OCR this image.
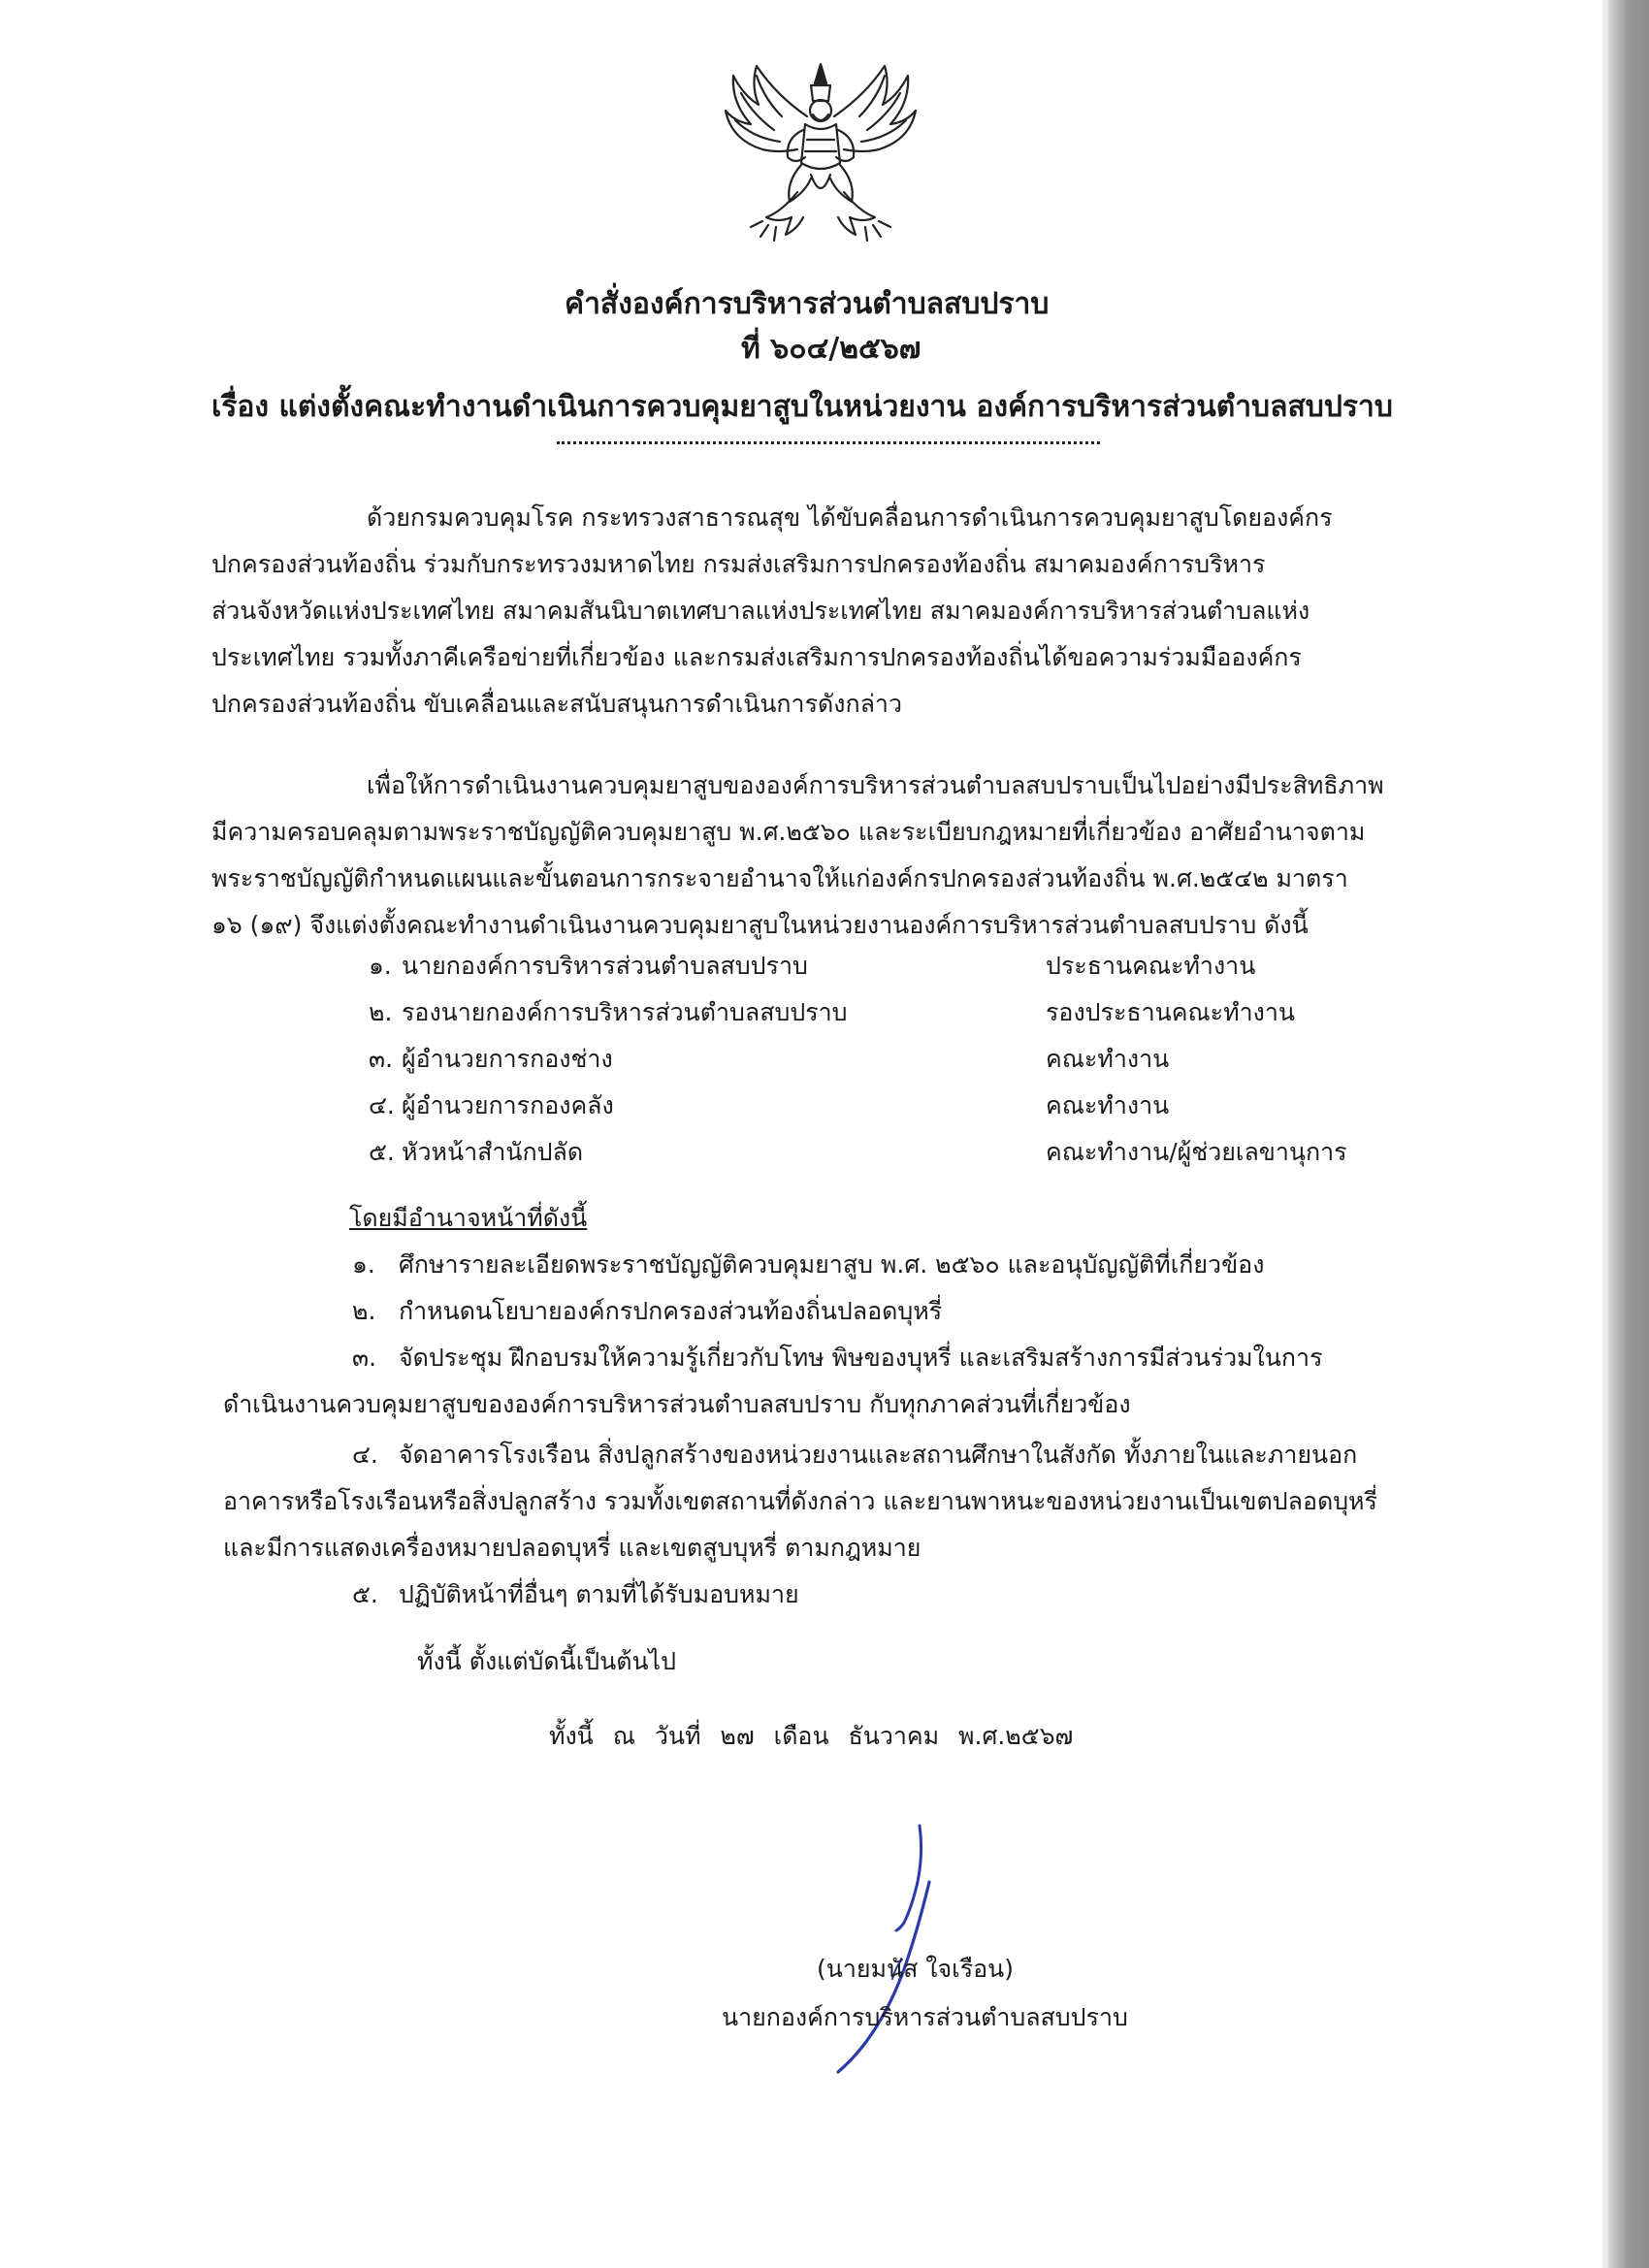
คำสั่งองค์การบริหารส่วนตำบลสบปราบ
ที่ ๖๐๔/๒๕๖๗
เรื่อง แต่งตั้งคณะทำงานดำเนินการควบคุมยาสูบในหน่วยงาน องค์การบริหารส่วนตำบลสบปราบ
ด้วยกรมควบคุมโรค กระทรวงสาธารณสุข ได้ขับคลื่อนการดำเนินการควบคุมยาสูบโดยองค์กร
ปกครองส่วนท้องถิ่น ร่วมกับกระทรวงมหาดไทย กรมส่งเสริมการปกครองท้องถิ่น สมาคมองค์การบริหาร
ส่วนจังหวัดแห่งประเทศไทย สมาคมสันนิบาตเทศบาลแห่งประเทศไทย สมาคมองค์การบริหารส่วนตำบลแห่ง
ประเทศไทย รวมทั้งภาคีเครือข่ายที่เกี่ยวข้อง และกรมส่งเสริมการปกครองท้องถิ่นได้ขอความร่วมมือองค์กร
ปกครองส่วนท้องถิ่น ขับเคลื่อนและสนับสนุนการดำเนินการดังกล่าว
เพื่อให้การดำเนินงานควบคุมยาสูบขององค์การบริหารส่วนตำบลสบปราบเป็นไปอย่างมีประสิทธิภาพ
มีความครอบคลุมตามพระราชบัญญัติควบคุมยาสูบ พ.ศ.๒๕๖๐ และระเบียบกฎหมายที่เกี่ยวข้อง อาศัยอำนาจตาม
พระราชบัญญัติกำหนดแผนและขั้นตอนการกระจายอำนาจให้แก่องค์กรปกครองส่วนท้องถิ่น พ.ศ.๒๕๔๒ มาตรา
๑๖ (๑๙) จึงแต่งตั้งคณะทำงานดำเนินงานควบคุมยาสูบในหน่วยงานองค์การบริหารส่วนตำบลสบปราบ ดังนี้
๑. นายกองค์การบริหารส่วนตำบลสบปราบ	ประธานคณะทำงาน
๒. รองนายกองค์การบริหารส่วนตำบลสบปราบ	รองประธานคณะทำงาน
๓. ผู้อำนวยการกองช่าง	คณะทำงาน
๔. ผู้อำนวยการกองคลัง	คณะทำงาน
๕. หัวหน้าสำนักปลัด	คณะทำงาน/ผู้ช่วยเลขานุการ
โดยมีอำนาจหน้าที่ดังนี้
๑. ศึกษารายละเอียดพระราชบัญญัติควบคุมยาสูบ พ.ศ. ๒๕๖๐ และอนุบัญญัติที่เกี่ยวข้อง
๒. กำหนดนโยบายองค์กรปกครองส่วนท้องถิ่นปลอดบุหรี่
๓. จัดประชุม ฝึกอบรมให้ความรู้เกี่ยวกับโทษ พิษของบุหรี่ และเสริมสร้างการมีส่วนร่วมในการ
ดำเนินงานควบคุมยาสูบขององค์การบริหารส่วนตำบลสบปราบ กับทุกภาคส่วนที่เกี่ยวข้อง
๔. จัดอาคารโรงเรือน สิ่งปลูกสร้างของหน่วยงานและสถานศึกษาในสังกัด ทั้งภายในและภายนอก
อาคารหรือโรงเรือนหรือสิ่งปลูกสร้าง รวมทั้งเขตสถานที่ดังกล่าว และยานพาหนะของหน่วยงานเป็นเขตปลอดบุหรี่
และมีการแสดงเครื่องหมายปลอดบุหรี่ และเขตสูบบุหรี่ ตามกฎหมาย
๕. ปฏิบัติหน้าที่อื่นๆ ตามที่ได้รับมอบหมาย
ทั้งนี้ ตั้งแต่บัดนี้เป็นต้นไป
ทั้งนี้ ณ วันที่ ๒๗ เดือน ธันวาคม พ.ศ.๒๕๖๗
(นายมนัส ใจเรือน)
นายกองค์การบริหารส่วนตำบลสบปราบ
